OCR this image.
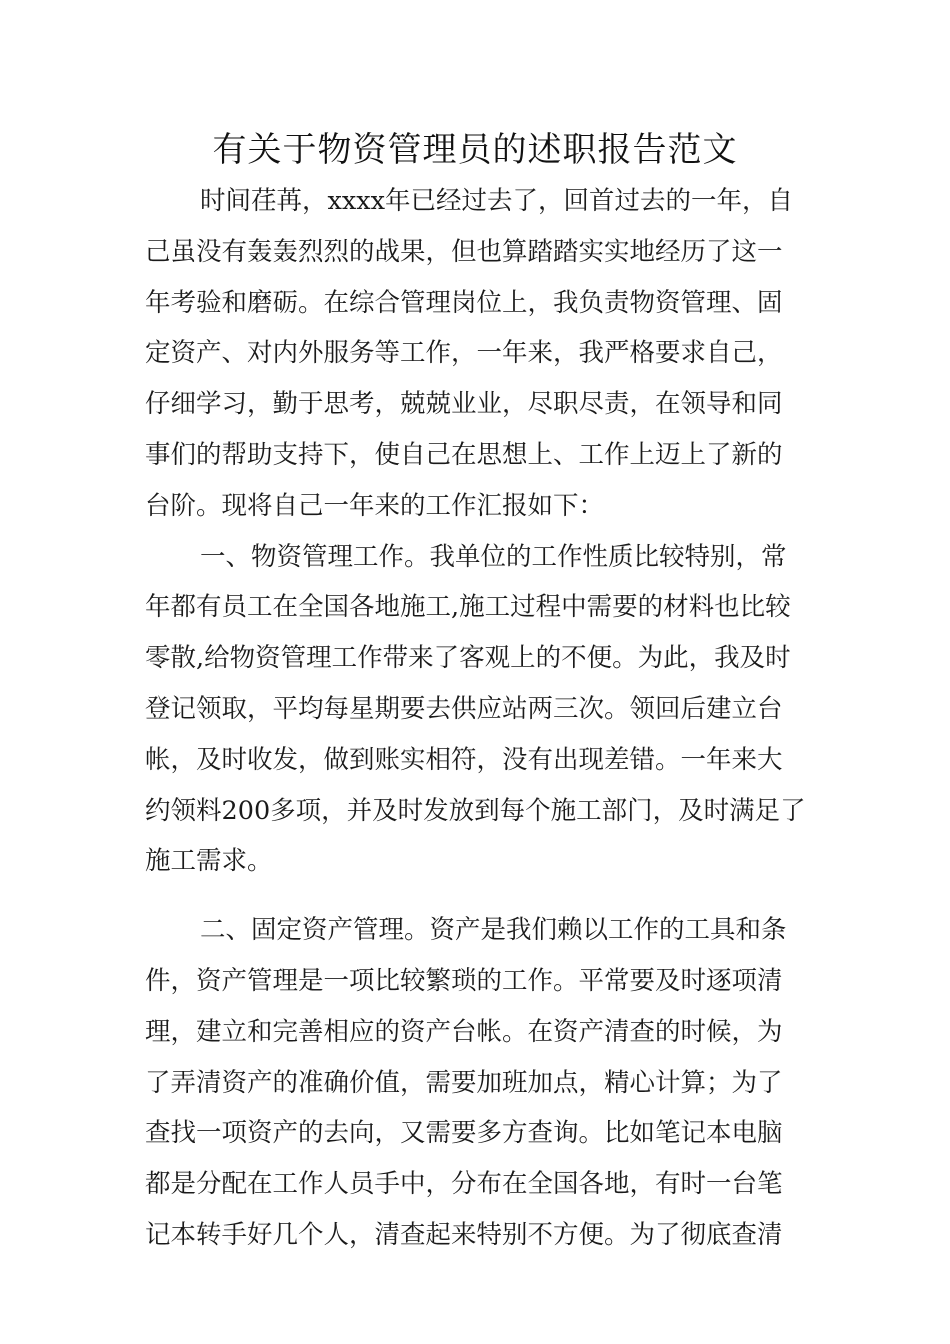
有关于物资管理员的述职报告范文
时间荏苒，xxxx年已经过去了，回首过去的一年，自
己虽没有轰轰烈烈的战果，但也算踏踏实实地经历了这一
年考验和磨砺。在综合管理岗位上，我负责物资管理、固
定资产、对内外服务等工作，一年来，我严格要求自己，
仔细学习，勤于思考，兢兢业业，尽职尽责，在领导和同
事们的帮助支持下，使自己在思想上、工作上迈上了新的
台阶。现将自己一年来的工作汇报如下：
一、物资管理工作。我单位的工作性质比较特别，常
年都有员工在全国各地施工,施工过程中需要的材料也比较
零散,给物资管理工作带来了客观上的不便。为此，我及时
登记领取，平均每星期要去供应站两三次。领回后建立台
帐，及时收发，做到账实相符，没有出现差错。一年来大
约领料200多项，并及时发放到每个施工部门，及时满足了
施工需求。
二、固定资产管理。资产是我们赖以工作的工具和条
件，资产管理是一项比较繁琐的工作。平常要及时逐项清
理，建立和完善相应的资产台帐。在资产清查的时候，为
了弄清资产的准确价值，需要加班加点，精心计算；为了
查找一项资产的去向，又需要多方查询。比如笔记本电脑
都是分配在工作人员手中，分布在全国各地，有时一台笔
记本转手好几个人，清查起来特别不方便。为了彻底查清
